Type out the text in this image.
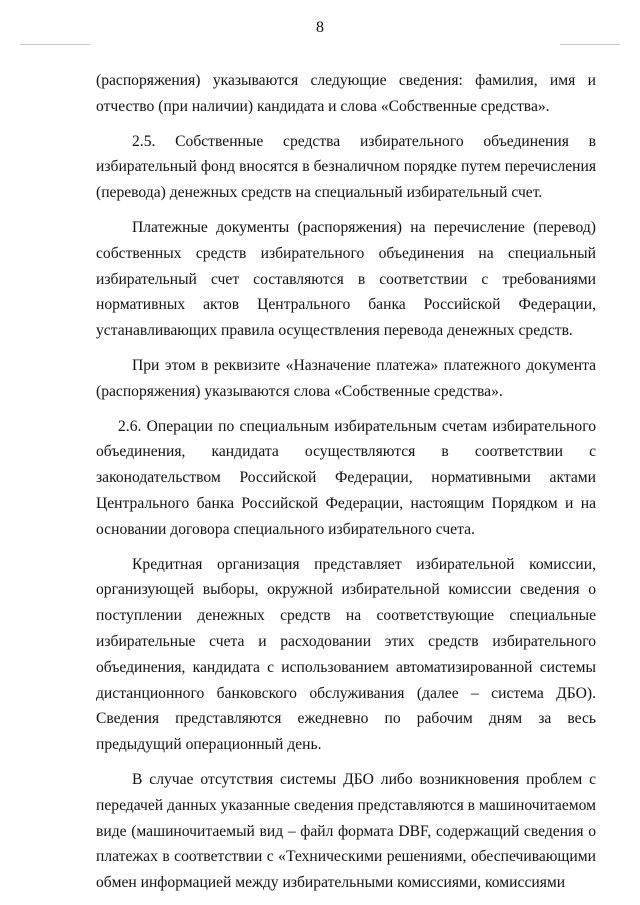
8

(распоряжения) указываются следующие сведения: фамилия, имя и отчество (при наличии) кандидата и слова «Собственные средства».

2.5. Собственные средства избирательного объединения в избирательный фонд вносятся в безналичном порядке путем перечисления (перевода) денежных средств на специальный избирательный счет.

Платежные документы (распоряжения) на перечисление (перевод) собственных средств избирательного объединения на специальный избирательный счет составляются в соответствии с требованиями нормативных актов Центрального банка Российской Федерации, устанавливающих правила осуществления перевода денежных средств.

При этом в реквизите «Назначение платежа» платежного документа (распоряжения) указываются слова «Собственные средства».

2.6. Операции по специальным избирательным счетам избирательного объединения, кандидата осуществляются в соответствии с законодательством Российской Федерации, нормативными актами Центрального банка Российской Федерации, настоящим Порядком и на основании договора специального избирательного счета.

Кредитная организация представляет избирательной комиссии, организующей выборы, окружной избирательной комиссии сведения о поступлении денежных средств на соответствующие специальные избирательные счета и расходовании этих средств избирательного объединения, кандидата с использованием автоматизированной системы дистанционного банковского обслуживания (далее – система ДБО). Сведения представляются ежедневно по рабочим дням за весь предыдущий операционный день.

В случае отсутствия системы ДБО либо возникновения проблем с передачей данных указанные сведения представляются в машиночитаемом виде (машиночитаемый вид – файл формата DBF, содержащий сведения о платежах в соответствии с «Техническими решениями, обеспечивающими обмен информацией между избирательными комиссиями, комиссиями
